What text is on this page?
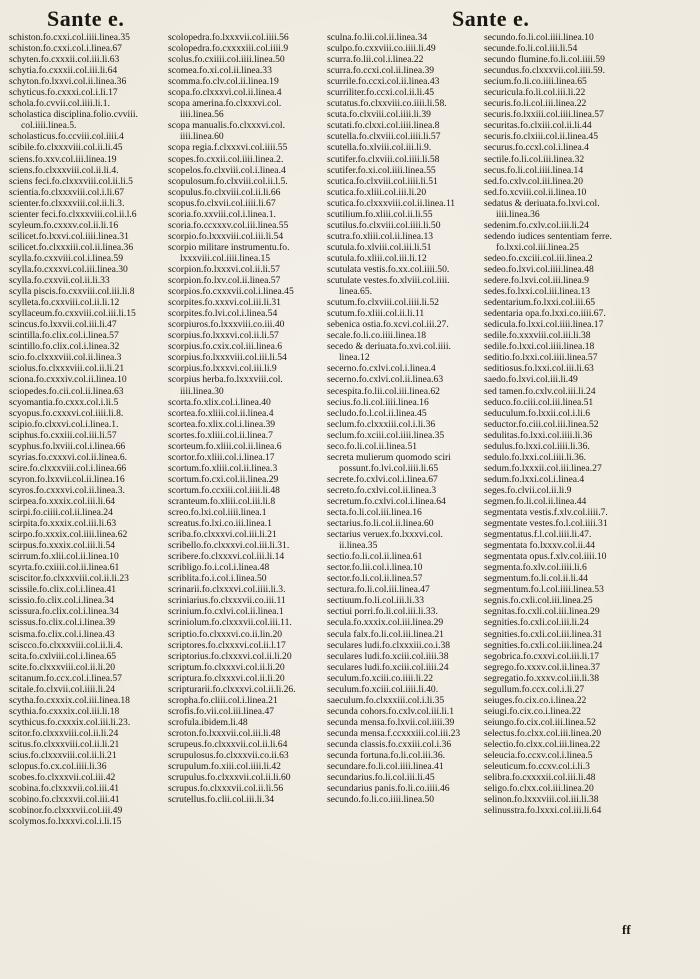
Sante e.	Sante e.
schiston.fo.cxxi.col.iiii.linea.35
schiston.fo.cxxi.col.i.linea.67
schyten.fo.cxxxii.col.iii.li.63
schytia.fo.cxxxii.col.iii.li.64
schyton.fo.lxxvi.col.ii.linea.36
schyticus.fo.cxxxi.col.i.li.17
schola.fo.cvvii.col.iiii.li.1.
scholastica disciplina.folio.cvviii.
col.iiii.linea.5.
scholasticus.fo.ccviii.col.iiii.4
scibile.fo.clxxxviii.col.ii.li.45
sciens.fo.xxv.col.iii.linea.19
sciens.fo.clxxxviii.col.ii.li.4.
sciens feci.fo.clxxxviii.col.ii.li.5
scientia.fo.clxxxviii.col.i.li.67
scienter.fo.clxxxviii.col.ii.li.3.
scienter feci.fo.clxxxviii.col.ii.l.6
scyleum.fo.cxxxv.col.ii.li.16
scilicet.fo.lxxvi.col.iiii.linea.31
scilicet.fo.clxxxiii.col.ii.linea.36
scylla.fo.cxxviii.col.i.linea.59
scylla.fo.cxxxvi.col.iii.linea.30
scylla.fo.cxxvii.col.ii.li.33
scylla piscis.fo.cxxviii.col.iii.li.8
scylleta.fo.cxxviii.col.ii.li.12
scyllaceum.fo.cxxviii.col.iii.li.15
scincus.fo.lxxvii.col.iii.li.47
scintilla.fo.clix.col.i.linea.57
scintillo.fo.clix.col.i.linea.32
scio.fo.clxxxviii.col.ii.linea.3
sciolus.fo.clxxxviii.col.ii.li.21
sciona.fo.cxxxiv.col.ii.linea.10
sciopedes.fo.cii.col.ii.linea.63
scyomantia.fo.cxxx.col.i.li.5
scyopus.fo.cxxxvi.col.iiii.li.8.
scipio.fo.clxxvi.col.i.linea.1.
sciphus.fo.cxxiii.col.iii.li.57
scyphus.fo.lxviii.col.i.linea.66
scyrias.fo.cxxxvi.col.ii.linea.6.
scire.fo.clxxxviii.col.i.linea.66
scyron.fo.lxxvii.col.ii.linea.16
scyros.fo.cxxxvi.col.ii.linea.3.
scirpea.fo.xxxix.col.iii.li.64
scirpi.fo.ciiii.col.ii.linea.24
scirpita.fo.xxxix.col.iii.li.63
scirpo.fo.xxxix.col.iiii.linea.62
scirpus.fo.xxxix.col.iii.li.54
scirrum.fo.xlii.col.ii.linea.10
scyrta.fo.cxiiii.col.ii.linea.61
sciscitor.fo.clxxxviii.col.ii.li.23
scissile.fo.clix.col.i.linea.41
scissio.fo.clix.col.i.linea.34
scissura.fo.clix.col.i.linea.34
scissus.fo.clix.col.i.linea.39
scisma.fo.clix.col.i.linea.43
sciscco.fo.clxxxviii.col.ii.li.4.
scita.fo.cxlviii.col.i.linea.65
scite.fo.clxxxviii.col.ii.li.20
scitanum.fo.ccx.col.i.linea.57
scitale.fo.clxvii.col.iiii.li.24
scytha.fo.cxxxix.col.iii.linea.18
scythia.fo.cxxxix.col.iii.li.18
scythicus.fo.cxxxix.col.iii.li.23.
scitor.fo.clxxxviii.col.ii.li.24
scitus.fo.clxxxviii.col.ii.li.21
scius.fo.clxxxviii.col.ii.li.21
sclopus.fo.cx.col.iiii.li.36
scobes.fo.clxxxvii.col.iii.42
scobina.fo.clxxxvii.col.iii.41
scobino.fo.clxxxvii.col.iii.41
scobinor.fo.clxxxvii.col.iii.49
scolymos.fo.lxxxvi.col.i.li.15
scolopedra.fo.lxxxvii.col.iiii.56
scolopedra.fo.cxxxxiii.col.iiii.9
scolus.fo.cxiiii.col.iiii.linea.50
scomea.fo.xi.col.ii.linea.33
scomma.fo.clv.col.ii.linea.19
scopa.fo.clxxxvi.col.ii.linea.4
scopa amerina.fo.clxxxvi.col.
iiii.linea.56
scopa manualis.fo.clxxxvi.col.
iiii.linea.60
scopa regia.f.clxxxvi.col.iiii.55
scopes.fo.cxxii.col.iiii.linea.2.
scopelos.fo.clxviii.col.i.linea.4
scopulosum.fo.clxviii.col.ii.l.5.
scopulus.fo.clxviii.col.ii.li.66
scopus.fo.clxvii.col.iiii.li.67
scoria.fo.xxviii.col.i.linea.1.
scoria.fo.ccxxxv.col.iii.linea.55
scorpio.fo.lxxxviii.col.iii.li.54
scorpio militare instrumentu.fo.
lxxxviii.col.iiii.linea.15
scorpion.fo.lxxxvi.col.ii.li.57
scorpion.fo.lxv.col.ii.linea.57
scorpios.fo.cxxxvii.col.i.linea.45
scorpites.fo.xxxvi.col.iii.li.31
scorpites.fo.lvi.col.i.linea.54
scorpiuros.fo.lxxxviii.co.iii.40
scorpius.fo.lxxxvi.col.ii.li.57
scorpius.fo.cxix.col.iii.linea.6
scorpius.fo.lxxxviii.col.iii.li.54
scorpius.fo.lxxxvi.col.iii.li.9
scorpius herba.fo.lxxxviii.col.
iiii.linea.30
scorta.fo.xlix.col.i.linea.40
scortea.fo.xliii.col.ii.linea.4
scortea.fo.xlix.col.i.linea.39
scortes.fo.xliii.col.ii.linea.7
scorteum.fo.xliii.col.ii.linea.6
scortor.fo.xliii.col.i.linea.17
scortum.fo.xliii.col.ii.linea.3
scortum.fo.cxi.col.ii.linea.29
scortum.fo.ccxiii.col.iiii.li.48
scranteum.fo.xliii.col.iii.li.8
screo.fo.lxi.col.iiii.linea.1
screatus.fo.lxi.co.iii.linea.1
scriba.fo.clxxxvi.col.iii.li.21
scribello.fo.clxxxvi.col.iii.li.31.
scribere.fo.clxxxvi.col.iii.li.14
scribligo.fo.i.col.i.linea.48
scriblita.fo.i.col.i.linea.50
scrinarii.fo.clxxxvi.col.iiii.li.3.
scriniarius.fo.clxxxvii.co.iii.11
scrinium.fo.cxlvi.col.ii.linea.1
scriniolum.fo.clxxxvii.col.iii.11.
scriptio.fo.clxxxvi.co.ii.lin.20
scriptores.fo.clxxxvi.col.ii.l.17
scriptorius.fo.clxxxvi.col.ii.li.20
scriptum.fo.clxxxvi.col.ii.li.20
scriptura.fo.clxxxvi.col.ii.li.20
scripturarii.fo.clxxxvi.col.ii.li.26.
scropha.fo.cliii.col.i.linea.21
scrofis.fo.vii.col.iii.linea.47
scrofula.ibidem.li.48
scroton.fo.lxxxvii.col.iii.li.48
scrupeus.fo.clxxxvii.col.ii.li.64
scrupulosus.fo.clxxxvii.co.ii.63
scrupulum.fo.xiii.col.iiii.li.42
scrupulus.fo.clxxxvii.col.ii.li.60
scrupus.fo.clxxxvii.col.ii.li.56
scrutellus.fo.clii.col.iii.li.34
sculna.fo.lii.col.ii.linea.34
sculpo.fo.cxxviii.co.iiii.li.49
scurra.fo.lii.col.i.linea.22
scurra.fo.ccxi.col.ii.linea.39
scurrile.fo.ccxi.col.ii.linea.43
scurriliter.fo.ccxi.col.ii.li.45
scutatus.fo.clxxviii.co.iiii.li.58.
scuta.fo.clxviii.col.iiii.li.39
scutati.fo.clxxi.col.iiii.linea.8
scutella.fo.clxviii.col.iiii.li.57
scutella.fo.xlviii.col.iii.li.9.
scutifer.fo.clxviii.col.iiii.li.58
scutifer.fo.xi.col.iiii.linea.55
scutica.fo.clxviii.col.iiii.li.51
scutica.fo.xliii.col.iii.li.20
scutica.fo.clxxxviii.col.ii.linea.11
scutilium.fo.xliii.col.ii.li.55
scutilus.fo.clxviii.col.iiii.li.50
scutra.fo.xliii.col.ii.linea.13
scutula.fo.xlviii.col.iii.li.51
scutula.fo.xliii.col.iii.li.12
scutulata vestis.fo.xx.col.iiii.50.
scutulate vestes.fo.xlviii.col.iiii.
linea.65.
scutum.fo.clxviii.col.iiii.li.52
scutum.fo.xliii.col.ii.li.11
sebenica ostia.fo.xcvi.col.iii.27.
secale.fo.li.co.iiii.linea.18
secedo & deriuata.fo.xvi.col.iiii.
linea.12
secerno.fo.cxlvi.col.i.linea.4
secerno.fo.cxlvi.col.ii.linea.63
secespita.fo.lii.col.iii.linea.62
secius.fo.li.col.iiii.linea.16
secludo.fo.l.col.ii.linea.45
seclum.fo.clxxxiii.col.i.li.36
seclum.fo.xciii.col.iiii.linea.35
seco.fo.li.col.ii.linea.51
secreta mulierum quomodo sciri
possunt.fo.lvi.col.iiii.li.65
secrete.fo.cxlvi.col.i.linea.67
secreto.fo.cxlvi.col.ii.linea.3
secretum.fo.cxlvi.col.i.linea.64
secta.fo.li.col.iii.linea.16
sectarius.fo.li.col.ii.linea.60
sectarius veruex.fo.lxxxvi.col.
ii.linea.35
sectio.fo.li.col.ii.linea.61
sector.fo.lii.col.i.linea.10
sector.fo.li.col.ii.linea.57
sectura.fo.li.col.iii.linea.47
sectiuum.fo.li.col.iii.li.33
sectiui porri.fo.li.col.iii.li.33.
secula.fo.xxxix.col.iii.linea.29
secula falx.fo.li.col.iii.linea.21
seculares ludi.fo.clxxxiii.co.i.38
seculares ludi.fo.xciii.col.iiii.38
seculares ludi.fo.xciii.col.iiii.24
seculum.fo.xciii.co.iiii.li.22
seculum.fo.xciii.col.iiii.li.40.
saeculum.fo.clxxxiii.col.i.li.35
secunda cohors.fo.cxlv.col.iii.li.1
secunda mensa.fo.lxvii.col.iiii.39
secunda mensa.f.ccxxxiii.col.iii.23
secunda classis.fo.cxxiii.col.i.36
secunda fortuna.fo.li.col.iii.36.
secundare.fo.li.col.iiii.linea.41
secundarius.fo.li.col.iii.li.45
secundarius panis.fo.li.co.iiii.46
secundo.fo.li.co.iiii.linea.50
secundo.fo.li.col.iiii.linea.10
secunde.fo.li.col.iii.li.54
secundo flumine.fo.li.col.iiii.59
secundus.fo.clxxxvii.col.iiii.59.
secium.fo.li.co.iiii.linea.65
securicula.fo.li.col.iii.li.22
securis.fo.li.col.iii.linea.22
securis.fo.lxxiii.col.iiii.linea.57
securitas.fo.clxiii.col.ii.li.44
securis.fo.clxiii.col.ii.linea.45
securus.fo.ccxl.col.i.linea.4
sectile.fo.li.col.iii.linea.32
secus.fo.li.col.iiii.linea.14
sed.fo.cxlv.col.iii.linea.20
sed.fo.xcviii.col.ii.linea.10
sedatus & deriuata.fo.lxvi.col.
iiii.linea.36
sedenim.fo.cxlv.col.iii.li.24
sedendo iudices sententiam ferre.
fo.lxxi.col.iii.linea.25
sedeo.fo.cxciii.col.iii.linea.2
sedeo.fo.lxvi.col.iiii.linea.48
sedere.fo.lxvi.col.iii.linea.9
sedes.fo.lxxi.col.iii.linea.13
sedentarium.fo.lxxi.col.iii.65
sedentaria opa.fo.lxxi.co.iiii.67.
sedicula.fo.lxxi.col.iiii.linea.17
sedile.fo.xxxviii.col.iii.li.38
sedile.fo.lxxi.col.iiii.linea.18
seditio.fo.lxxi.col.iiii.linea.57
seditiosus.fo.lxxi.col.iii.li.63
saedo.fo.lxvi.col.iii.li.49
sed tamen.fo.cxlv.col.iii.li.24
seduco.fo.ciii.col.iii.linea.51
seduculum.fo.lxxii.col.i.li.6
seductor.fo.ciii.col.iii.linea.52
sedulitas.fo.lxxi.col.iiii.li.36
sedulus.fo.lxxi.col.iiii.li.36.
sedulo.fo.lxxi.col.iiii.li.36.
sedum.fo.lxxxii.col.iii.linea.27
sedum.fo.lxxi.col.i.linea.4
seges.fo.clvii.col.ii.li.9
segmen.fo.li.col.ii.linea.44
segmentata vestis.f.xlv.col.iiii.7.
segmentate vestes.fo.l.col.iiii.31
segmentatus.f.l.col.iiii.li.47.
segmentata fo.lxxxv.col.ii.44
segmentata opus.f.xlv.col.iiii.10
segmenta.fo.xlv.col.iiii.li.6
segmentum.fo.li.col.ii.li.44
segmentum.fo.l.col.iiii.linea.53
segnis.fo.cxli.col.iii.linea.25
segnitas.fo.cxli.col.iii.linea.29
segnities.fo.cxli.col.iii.li.24
segnities.fo.cxli.col.iii.linea.31
segnities.fo.cxli.col.iii.linea.24
segobrica.fo.cxxvi.col.iii.li.17
segrego.fo.xxxv.col.ii.linea.37
segregatio.fo.xxxv.col.iii.li.38
segullum.fo.ccx.col.i.li.27
seiuges.fo.cix.co.i.linea.22
seiugi.fo.cix.co.i.linea.22
seiungo.fo.cix.col.iii.linea.52
selectus.fo.clxx.col.iii.linea.20
selectio.fo.clxx.col.iii.linea.22
seleucia.fo.ccxv.col.i.linea.5
seleuticum.fo.ccxv.col.i.li.3
selibra.fo.cxxxxii.col.iii.li.48
seligo.fo.clxx.col.iii.linea.20
selinon.fo.lxxxviii.col.iii.li.38
selinusstra.fo.lxxxi.col.iii.li.64
ff
